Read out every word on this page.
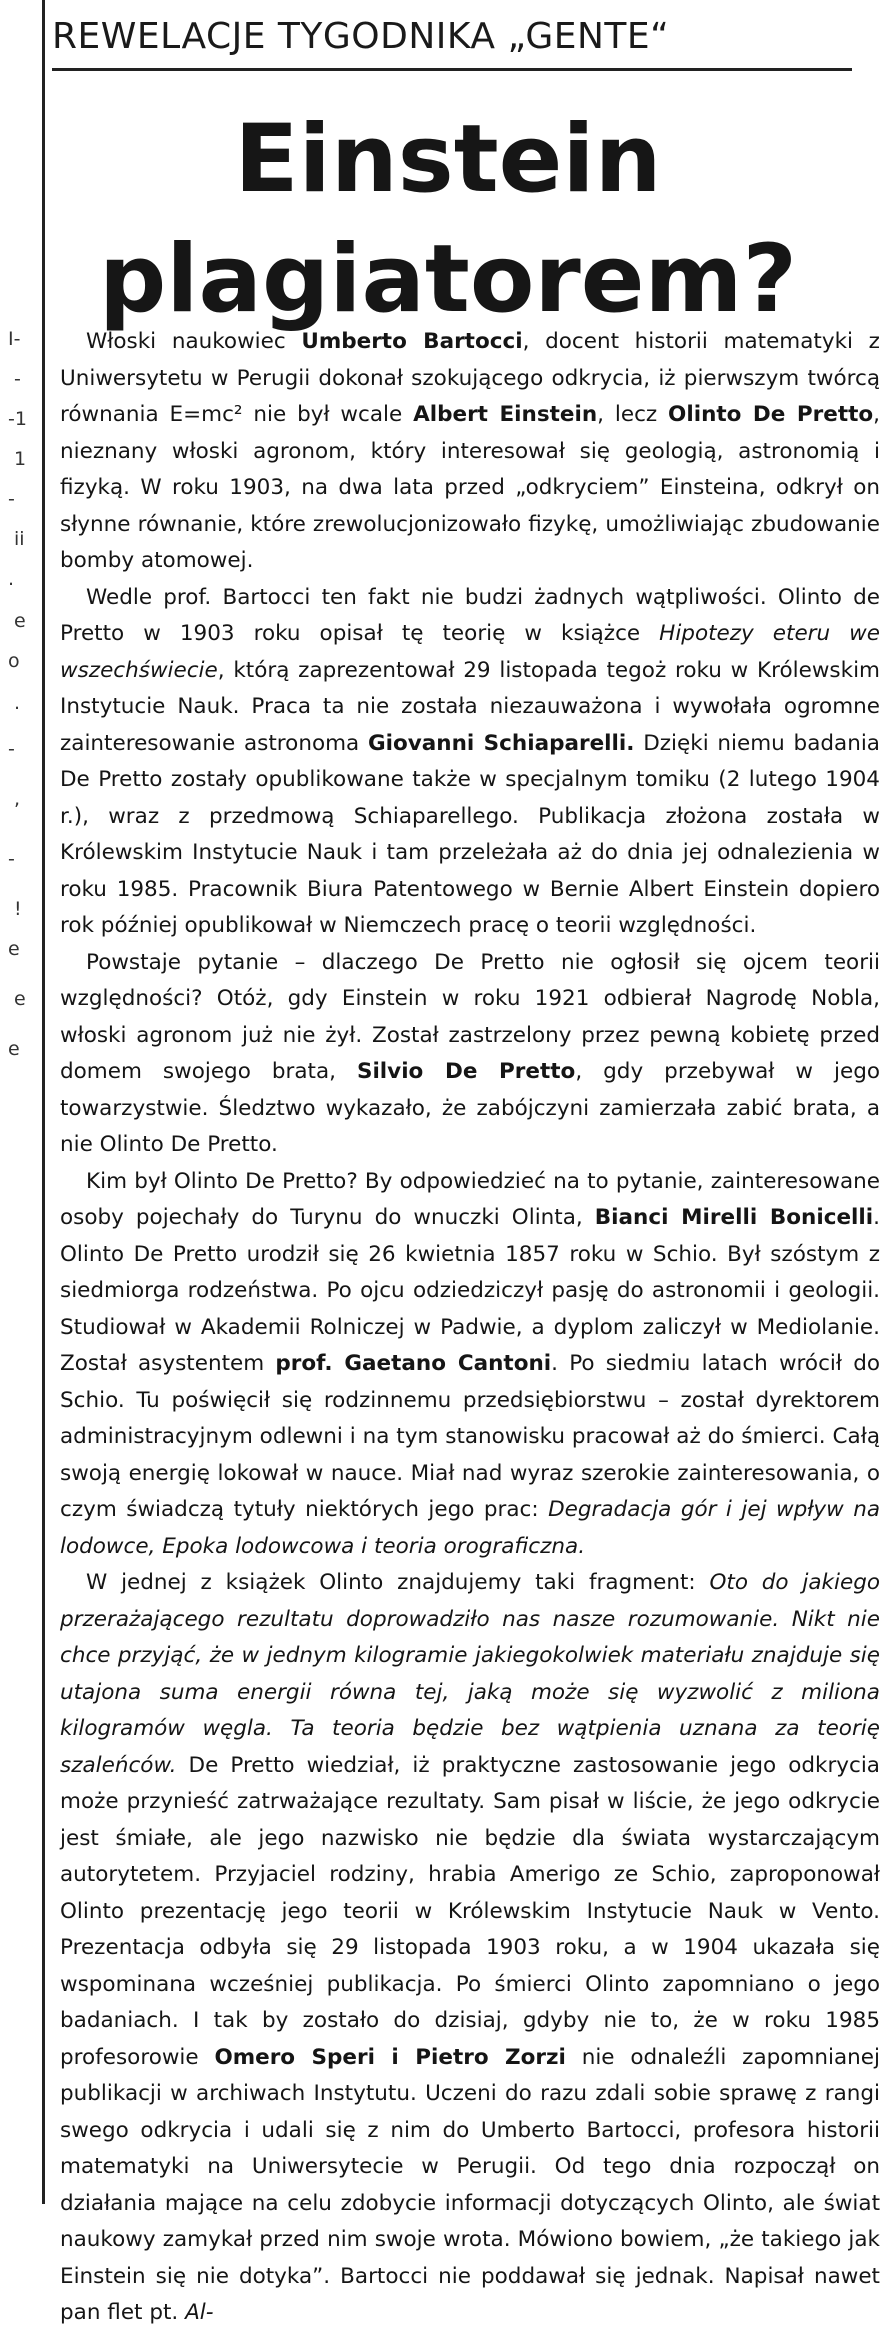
I-
-
-1
1
-
ii
.
e
o
.
-
,
-
!
e
e
e
REWELACJE TYGODNIKA „GENTE“
Einstein
plagiatorem?

Włoski naukowiec Umberto Bartocci, docent historii matematyki z Uniwersytetu w Perugii dokonał szokującego odkrycia, iż pierwszym twórcą równania E=mc² nie był wcale Albert Einstein, lecz Olinto De Pretto, nieznany włoski agronom, który interesował się geologią, astronomią i fizyką. W roku 1903, na dwa lata przed „odkryciem” Einsteina, odkrył on słynne równanie, które zrewolucjonizowało fizykę, umożliwiając zbudowanie bomby atomowej.

Wedle prof. Bartocci ten fakt nie budzi żadnych wątpliwości. Olinto de Pretto w 1903 roku opisał tę teorię w książce Hipotezy eteru we wszechświecie, którą zaprezentował 29 listopada tegoż roku w Królewskim Instytucie Nauk. Praca ta nie została niezauważona i wywołała ogromne zainteresowanie astronoma Giovanni Schiaparelli. Dzięki niemu badania De Pretto zostały opublikowane także w specjalnym tomiku (2 lutego 1904 r.), wraz z przedmową Schiaparellego. Publikacja złożona została w Królewskim Instytucie Nauk i tam przeleżała aż do dnia jej odnalezienia w roku 1985. Pracownik Biura Patentowego w Bernie Albert Einstein dopiero rok później opublikował w Niemczech pracę o teorii względności.

Powstaje pytanie – dlaczego De Pretto nie ogłosił się ojcem teorii względności? Otóż, gdy Einstein w roku 1921 odbierał Nagrodę Nobla, włoski agronom już nie żył. Został zastrzelony przez pewną kobietę przed domem swojego brata, Silvio De Pretto, gdy przebywał w jego towarzystwie. Śledztwo wykazało, że zabójczyni zamierzała zabić brata, a nie Olinto De Pretto.

Kim był Olinto De Pretto? By odpowiedzieć na to pytanie, zainteresowane osoby pojechały do Turynu do wnuczki Olinta, Bianci Mirelli Bonicelli. Olinto De Pretto urodził się 26 kwietnia 1857 roku w Schio. Był szóstym z siedmiorga rodzeństwa. Po ojcu odziedziczył pasję do astronomii i geologii. Studiował w Akademii Rolniczej w Padwie, a dyplom zaliczył w Mediolanie. Został asystentem prof. Gaetano Cantoni. Po siedmiu latach wrócił do Schio. Tu poświęcił się rodzinnemu przedsiębiorstwu – został dyrektorem administracyjnym odlewni i na tym stanowisku pracował aż do śmierci. Całą swoją energię lokował w nauce. Miał nad wyraz szerokie zainteresowania, o czym świadczą tytuły niektórych jego prac: Degradacja gór i jej wpływ na lodowce, Epoka lodowcowa i teoria orograficzna.

W jednej z książek Olinto znajdujemy taki fragment: Oto do jakiego przerażającego rezultatu doprowadziło nas nasze rozumowanie. Nikt nie chce przyjąć, że w jednym kilogramie jakiegokolwiek materiału znajduje się utajona suma energii równa tej, jaką może się wyzwolić z miliona kilogramów węgla. Ta teoria będzie bez wątpienia uznana za teorię szaleńców. De Pretto wiedział, iż praktyczne zastosowanie jego odkrycia może przynieść zatrważające rezultaty. Sam pisał w liście, że jego odkrycie jest śmiałe, ale jego nazwisko nie będzie dla świata wystarczającym autorytetem. Przyjaciel rodziny, hrabia Amerigo ze Schio, zaproponował Olinto prezentację jego teorii w Królewskim Instytucie Nauk w Vento. Prezentacja odbyła się 29 listopada 1903 roku, a w 1904 ukazała się wspominana wcześniej publikacja. Po śmierci Olinto zapomniano o jego badaniach. I tak by zostało do dzisiaj, gdyby nie to, że w roku 1985 profesorowie Omero Speri i Pietro Zorzi nie odnaleźli zapomnianej publikacji w archiwach Instytutu. Uczeni do razu zdali sobie sprawę z rangi swego odkrycia i udali się z nim do Umberto Bartocci, profesora historii matematyki na Uniwersytecie w Perugii. Od tego dnia rozpoczął on działania mające na celu zdobycie informacji dotyczących Olinto, ale świat naukowy zamykał przed nim swoje wrota. Mówiono bowiem, „że takiego jak Einstein się nie dotyka”. Bartocci nie poddawał się jednak. Napisał nawet pan flet pt. Al-
